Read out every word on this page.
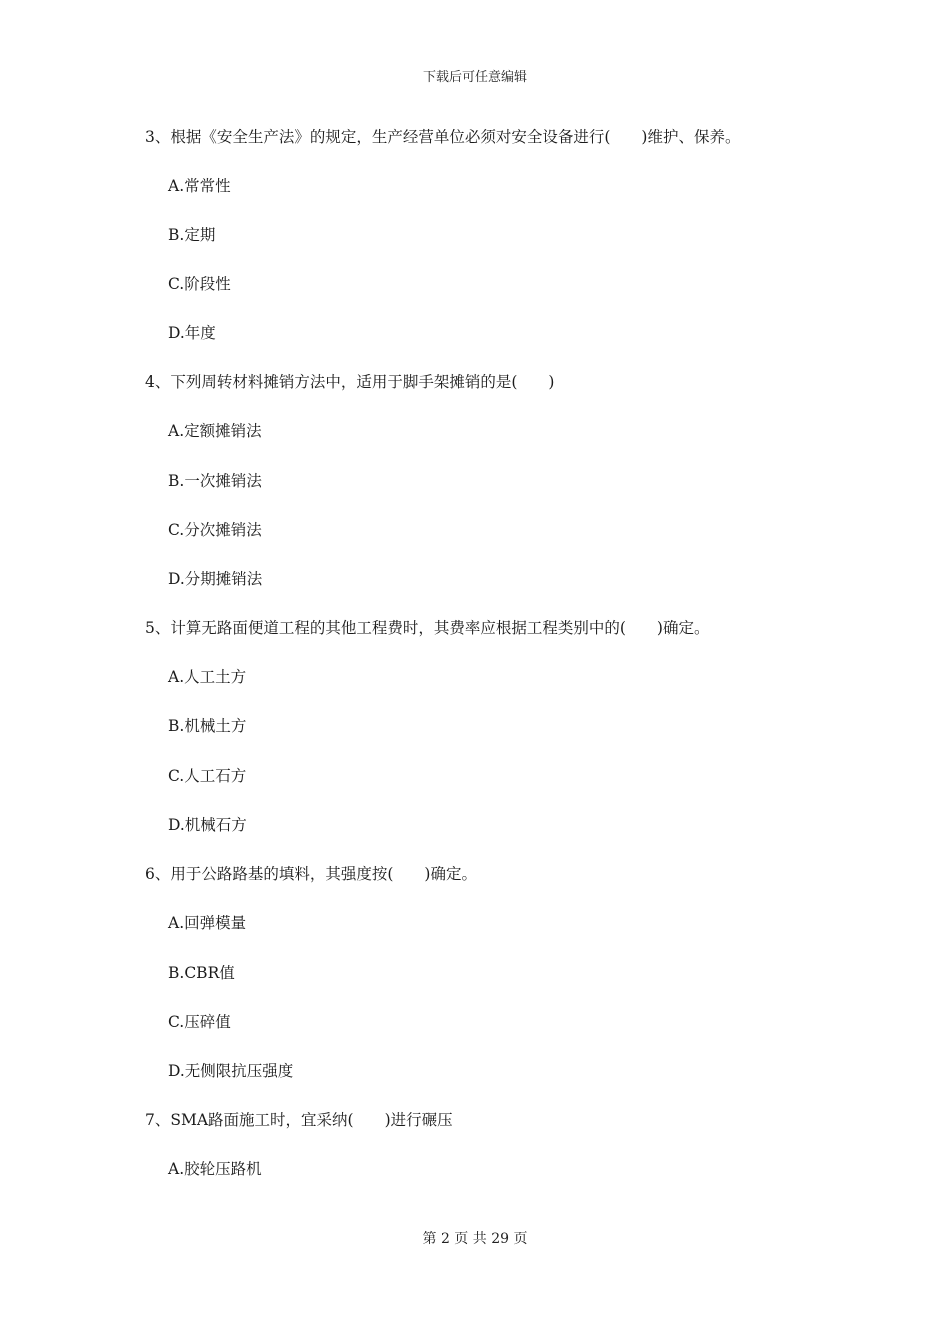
下载后可任意编辑
3、根据《安全生产法》的规定，生产经营单位必须对安全设备进行(　　)维护、保养。
A.常常性
B.定期
C.阶段性
D.年度
4、下列周转材料摊销方法中，适用于脚手架摊销的是(　　)
A.定额摊销法
B.一次摊销法
C.分次摊销法
D.分期摊销法
5、计算无路面便道工程的其他工程费时，其费率应根据工程类别中的(　　)确定。
A.人工土方
B.机械土方
C.人工石方
D.机械石方
6、用于公路路基的填料，其强度按(　　)确定。
A.回弹模量
B.CBR值
C.压碎值
D.无侧限抗压强度
7、SMA路面施工时，宜采纳(　　)进行碾压
A.胶轮压路机
第 2 页 共 29 页
